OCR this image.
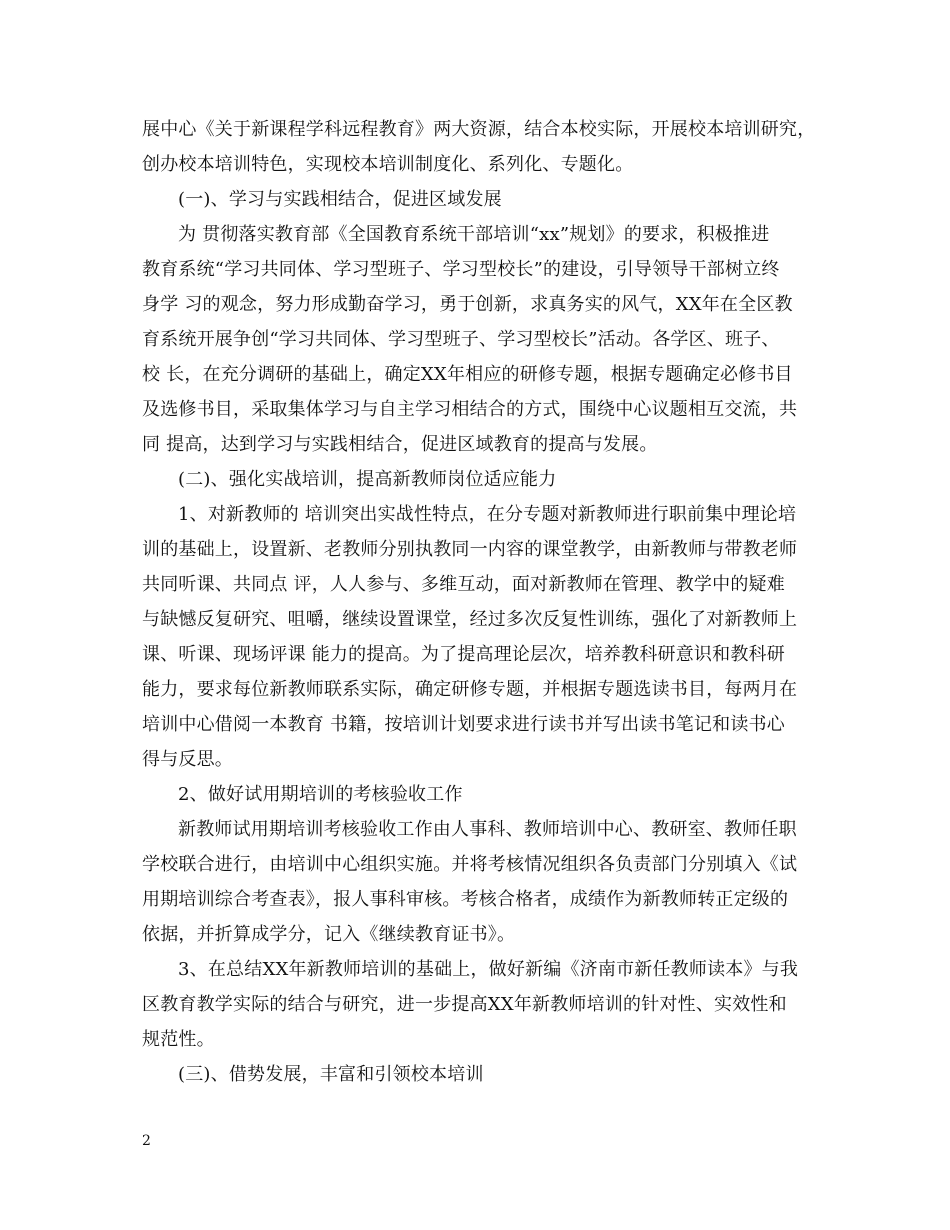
展中心《关于新课程学科远程教育》两大资源，结合本校实际，开展校本培训研究，
创办校本培训特色，实现校本培训制度化、系列化、专题化。
(一)、学习与实践相结合，促进区域发展
为 贯彻落实教育部《全国教育系统干部培训“xx”规划》的要求，积极推进
教育系统“学习共同体、学习型班子、学习型校长”的建设，引导领导干部树立终
身学 习的观念，努力形成勤奋学习，勇于创新，求真务实的风气，XX年在全区教
育系统开展争创“学习共同体、学习型班子、学习型校长”活动。各学区、班子、
校 长，在充分调研的基础上，确定XX年相应的研修专题，根据专题确定必修书目
及选修书目，采取集体学习与自主学习相结合的方式，围绕中心议题相互交流，共
同 提高，达到学习与实践相结合，促进区域教育的提高与发展。
(二)、强化实战培训，提高新教师岗位适应能力
1、对新教师的 培训突出实战性特点，在分专题对新教师进行职前集中理论培
训的基础上，设置新、老教师分别执教同一内容的课堂教学，由新教师与带教老师
共同听课、共同点 评，人人参与、多维互动，面对新教师在管理、教学中的疑难
与缺憾反复研究、咀嚼，继续设置课堂，经过多次反复性训练，强化了对新教师上
课、听课、现场评课 能力的提高。为了提高理论层次，培养教科研意识和教科研
能力，要求每位新教师联系实际，确定研修专题，并根据专题选读书目，每两月在
培训中心借阅一本教育 书籍，按培训计划要求进行读书并写出读书笔记和读书心
得与反思。
2、做好试用期培训的考核验收工作
新教师试用期培训考核验收工作由人事科、教师培训中心、教研室、教师任职
学校联合进行，由培训中心组织实施。并将考核情况组织各负责部门分别填入《试
用期培训综合考查表》，报人事科审核。考核合格者，成绩作为新教师转正定级的
依据，并折算成学分，记入《继续教育证书》。
3、在总结XX年新教师培训的基础上，做好新编《济南市新任教师读本》与我
区教育教学实际的结合与研究，进一步提高XX年新教师培训的针对性、实效性和
规范性。
(三)、借势发展，丰富和引领校本培训
2
